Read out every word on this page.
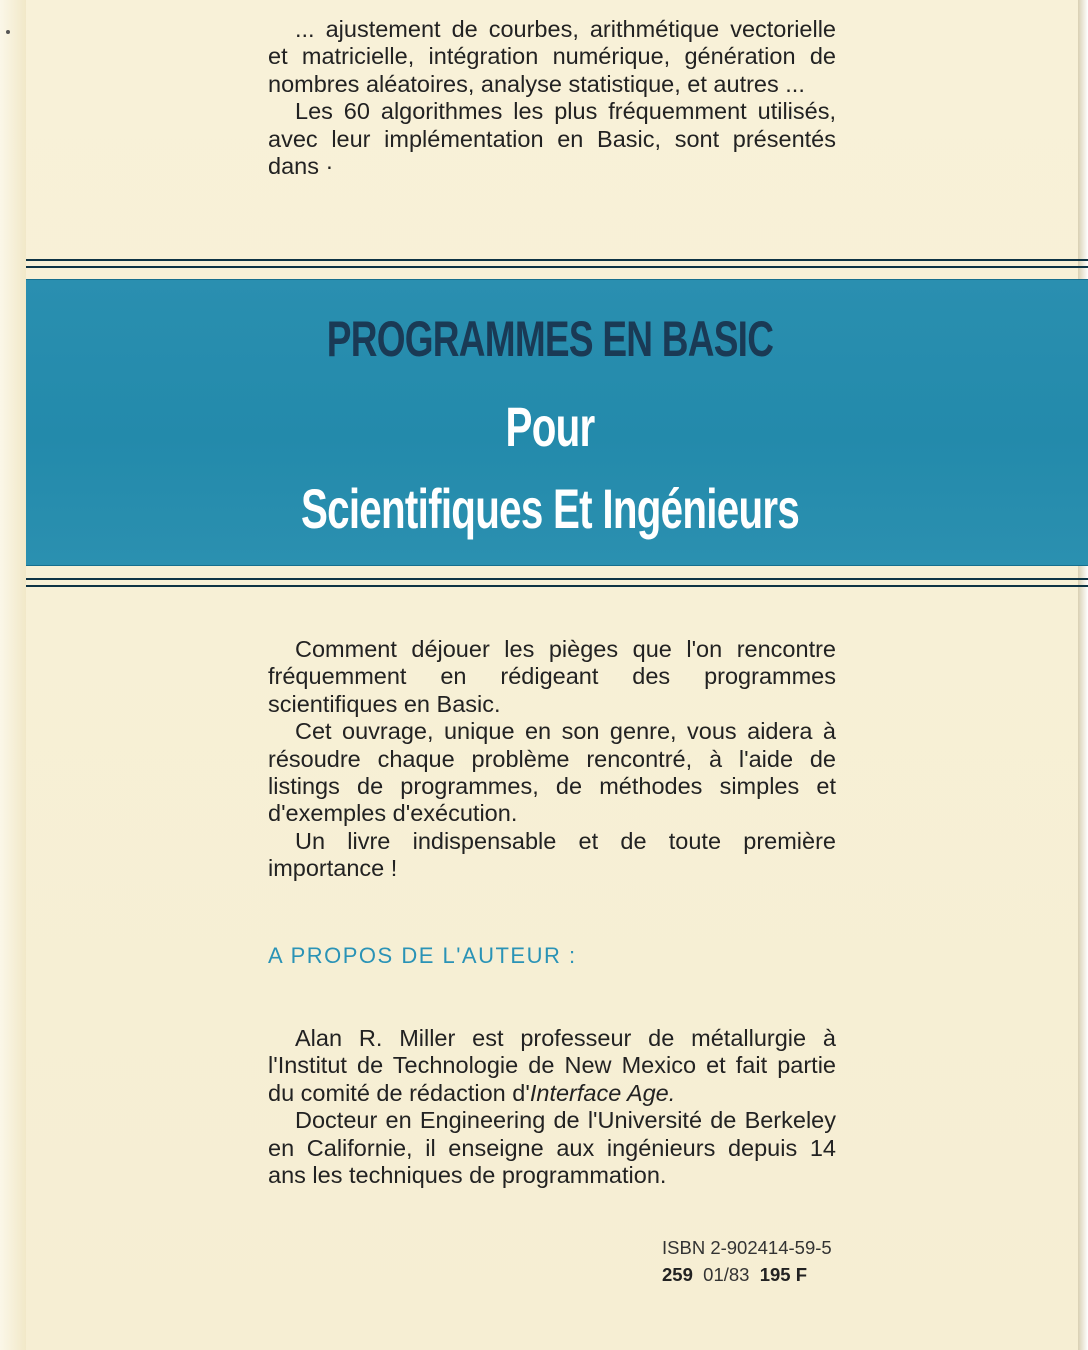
... ajustement de courbes, arithmétique vectorielle et matricielle, intégration numérique, génération de nombres aléatoires, analyse statistique, et autres ...

Les 60 algorithmes les plus fréquemment utilisés, avec leur implémentation en Basic, sont présentés dans ·

PROGRAMMES EN BASIC
Pour
Scientifiques Et Ingénieurs

Comment déjouer les pièges que l'on rencontre fréquemment en rédigeant des programmes scientifiques en Basic.

Cet ouvrage, unique en son genre, vous aidera à résoudre chaque problème rencontré, à l'aide de listings de programmes, de méthodes simples et d'exemples d'exécution.

Un livre indispensable et de toute première importance !

A PROPOS DE L'AUTEUR :

Alan R. Miller est professeur de métallurgie à l'Institut de Technologie de New Mexico et fait partie du comité de rédaction d'Interface Age.

Docteur en Engineering de l'Université de Berkeley en Californie, il enseigne aux ingénieurs depuis 14 ans les techniques de programmation.

ISBN 2-902414-59-5
259 01/83 195 F
